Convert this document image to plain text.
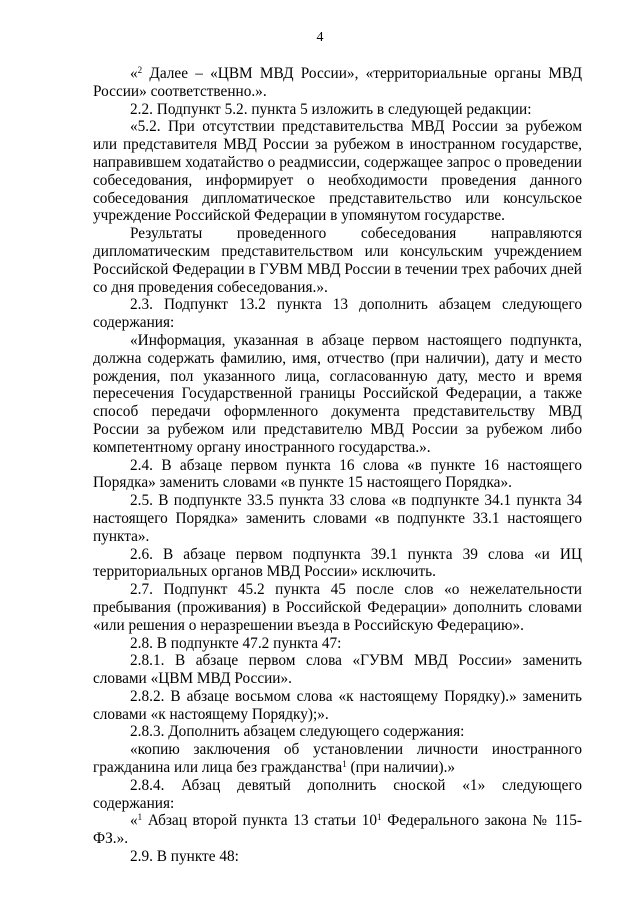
4

«$^2$ Далее – «ЦВМ МВД России», «территориальные органы МВД России» соответственно.».

2.2. Подпункт 5.2. пункта 5 изложить в следующей редакции:

«5.2. При отсутствии представительства МВД России за рубежом или представителя МВД России за рубежом в иностранном государстве, направившем ходатайство о реадмиссии, содержащее запрос о проведении собеседования, информирует о необходимости проведения данного собеседования дипломатическое представительство или консульское учреждение Российской Федерации в упомянутом государстве.

Результаты проведенного собеседования направляются дипломатическим представительством или консульским учреждением Российской Федерации в ГУВМ МВД России в течении трех рабочих дней со дня проведения собеседования.».

2.3. Подпункт 13.2 пункта 13 дополнить абзацем следующего содержания:

«Информация, указанная в абзаце первом настоящего подпункта, должна содержать фамилию, имя, отчество (при наличии), дату и место рождения, пол указанного лица, согласованную дату, место и время пересечения Государственной границы Российской Федерации, а также способ передачи оформленного документа представительству МВД России за рубежом или представителю МВД России за рубежом либо компетентному органу иностранного государства.».

2.4. В абзаце первом пункта 16 слова «в пункте 16 настоящего Порядка» заменить словами «в пункте 15 настоящего Порядка».

2.5. В подпункте 33.5 пункта 33 слова «в подпункте 34.1 пункта 34 настоящего Порядка» заменить словами «в подпункте 33.1 настоящего пункта».

2.6. В абзаце первом подпункта 39.1 пункта 39 слова «и ИЦ территориальных органов МВД России» исключить.

2.7. Подпункт 45.2 пункта 45 после слов «о нежелательности пребывания (проживания) в Российской Федерации» дополнить словами «или решения о неразрешении въезда в Российскую Федерацию».

2.8. В подпункте 47.2 пункта 47:

2.8.1. В абзаце первом слова «ГУВМ МВД России» заменить словами «ЦВМ МВД России».

2.8.2. В абзаце восьмом слова «к настоящему Порядку).» заменить словами «к настоящему Порядку);».

2.8.3. Дополнить абзацем следующего содержания:

«копию заключения об установлении личности иностранного гражданина или лица без гражданства$^1$ (при наличии).»

2.8.4. Абзац девятый дополнить сноской «1» следующего содержания:

«$^1$ Абзац второй пункта 13 статьи $10^1$ Федерального закона № 115-ФЗ.».

2.9. В пункте 48:
